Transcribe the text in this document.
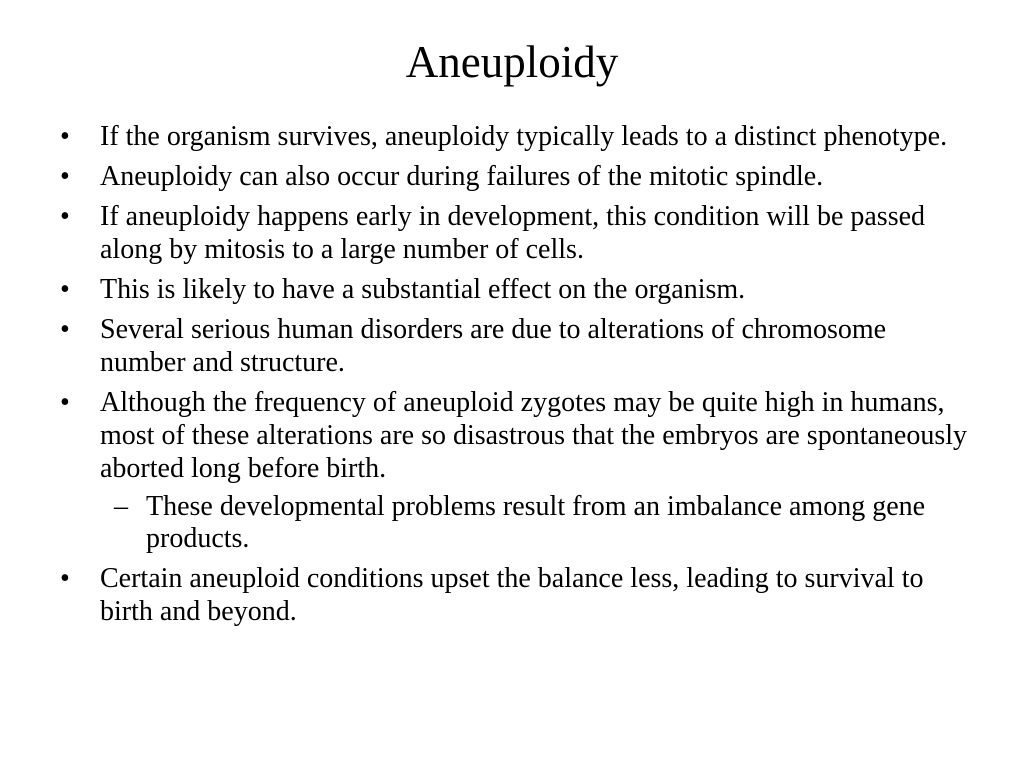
Aneuploidy
•	If the organism survives, aneuploidy typically leads to a distinct phenotype.
•	Aneuploidy can also occur during failures of the mitotic spindle.
•	If aneuploidy happens early in development, this condition will be passed along by mitosis to a large number of cells.
•	This is likely to have a substantial effect on the organism.
•	Several serious human disorders are due to alterations of chromosome number and structure.
•	Although the frequency of aneuploid zygotes may be quite high in humans, most of these alterations are so disastrous that the embryos are spontaneously aborted long before birth.
– These developmental problems result from an imbalance among gene products.
•	Certain aneuploid conditions upset the balance less, leading to survival to birth and beyond.
